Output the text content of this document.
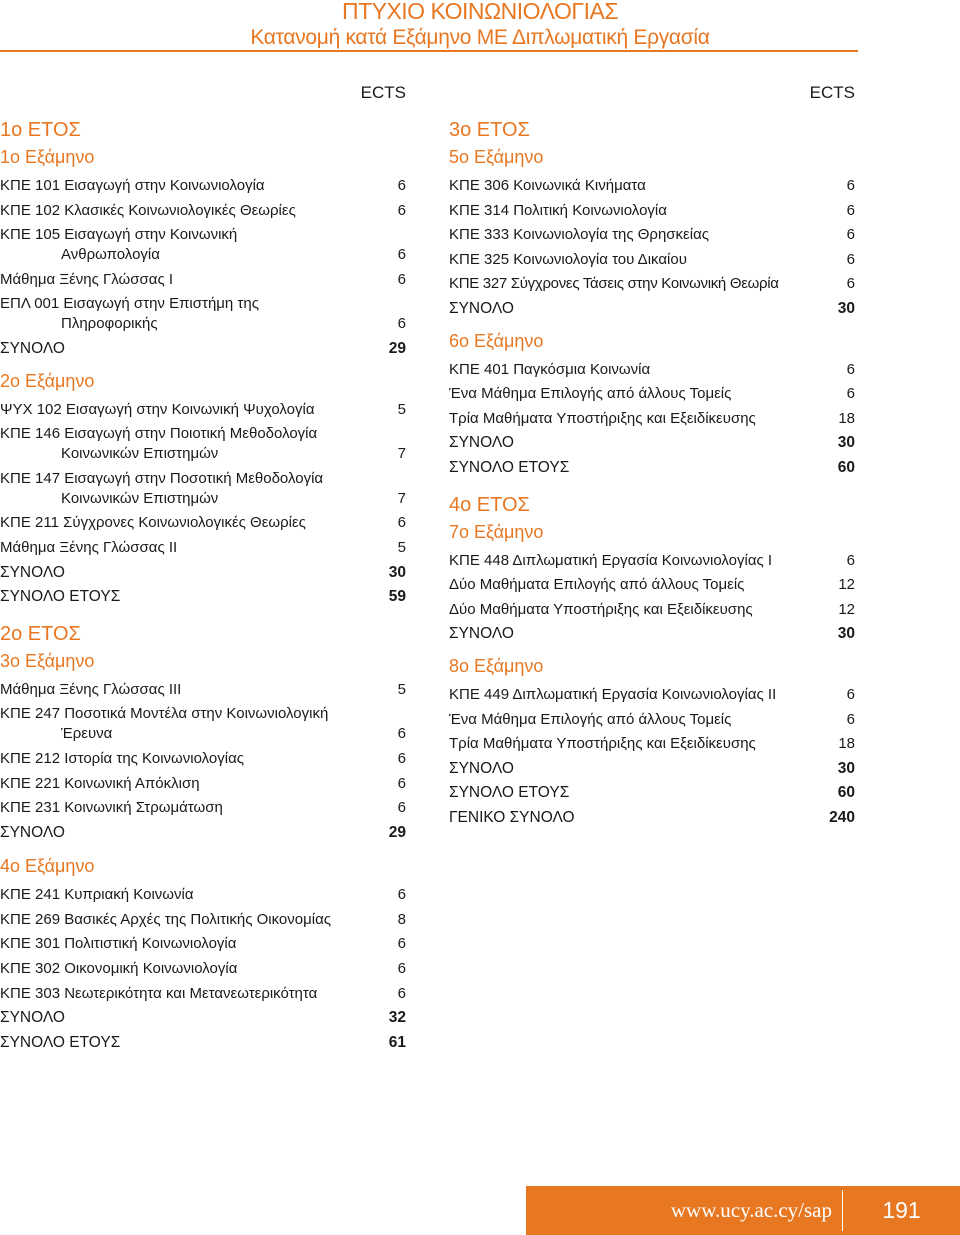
ΠΤΥΧΙΟ ΚΟΙΝΩΝΙΟΛΟΓΙΑΣ
Κατανομή κατά Εξάμηνο ΜΕ Διπλωματική Εργασία
ECTS
1ο ΕΤΟΣ
1ο Εξάμηνο
ΚΠΕ 101 Εισαγωγή στην Κοινωνιολογία	6
ΚΠΕ 102 Κλασικές Κοινωνιολογικές Θεωρίες	6
ΚΠΕ 105 Εισαγωγή στην Κοινωνική
Ανθρωπολογία	6
Μάθημα Ξένης Γλώσσας Ι	6
ΕΠΛ 001 Εισαγωγή στην Επιστήμη της
Πληροφορικής	6
ΣΥΝΟΛΟ	29
2ο Εξάμηνο
ΨΥΧ 102 Εισαγωγή στην Κοινωνική Ψυχολογία	5
ΚΠΕ 146 Εισαγωγή στην Ποιοτική Μεθοδολογία
Κοινωνικών Επιστημών	7
ΚΠΕ 147 Εισαγωγή στην Ποσοτική Μεθοδολογία
Κοινωνικών Επιστημών	7
ΚΠΕ 211 Σύγχρονες Κοινωνιολογικές Θεωρίες	6
Μάθημα Ξένης Γλώσσας ΙΙ	5
ΣΥΝΟΛΟ	30
ΣΥΝΟΛΟ ΕΤΟΥΣ	59
2ο ΕΤΟΣ
3ο Εξάμηνο
Μάθημα Ξένης Γλώσσας ΙΙΙ	5
ΚΠΕ 247 Ποσοτικά Μοντέλα στην Κοινωνιολογική
Έρευνα	6
ΚΠΕ 212 Ιστορία της Κοινωνιολογίας	6
ΚΠΕ 221 Κοινωνική Απόκλιση	6
ΚΠΕ 231 Κοινωνική Στρωμάτωση	6
ΣΥΝΟΛΟ	29
4ο Εξάμηνο
ΚΠΕ 241 Κυπριακή Κοινωνία	6
ΚΠΕ 269 Βασικές Αρχές της Πολιτικής Οικονομίας	8
ΚΠΕ 301 Πολιτιστική Κοινωνιολογία	6
ΚΠΕ 302 Οικονομική Κοινωνιολογία	6
ΚΠΕ 303 Νεωτερικότητα και Μετανεωτερικότητα	6
ΣΥΝΟΛΟ	32
ΣΥΝΟΛΟ ΕΤΟΥΣ	61
ECTS
3ο ΕΤΟΣ
5ο Εξάμηνο
ΚΠΕ 306 Κοινωνικά Κινήματα	6
ΚΠΕ 314 Πολιτική Κοινωνιολογία	6
ΚΠΕ 333 Κοινωνιολογία της Θρησκείας	6
ΚΠΕ 325 Κοινωνιολογία του Δικαίου	6
ΚΠΕ 327 Σύγχρονες Τάσεις στην Κοινωνική Θεωρία	6
ΣΥΝΟΛΟ	30
6ο Εξάμηνο
ΚΠΕ 401 Παγκόσμια Κοινωνία	6
Ένα Μάθημα Επιλογής από άλλους Τομείς	6
Τρία Μαθήματα Υποστήριξης και Εξειδίκευσης	18
ΣΥΝΟΛΟ	30
ΣΥΝΟΛΟ ΕΤΟΥΣ	60
4ο ΕΤΟΣ
7ο Εξάμηνο
ΚΠΕ 448 Διπλωματική Εργασία Κοινωνιολογίας Ι	6
Δύο Μαθήματα Επιλογής από άλλους Τομείς	12
Δύο Μαθήματα Υποστήριξης και Εξειδίκευσης	12
ΣΥΝΟΛΟ	30
8ο Εξάμηνο
ΚΠΕ 449 Διπλωματική Εργασία Κοινωνιολογίας ΙΙ	6
Ένα Μάθημα Επιλογής από άλλους Τομείς	6
Τρία Μαθήματα Υποστήριξης και Εξειδίκευσης	18
ΣΥΝΟΛΟ	30
ΣΥΝΟΛΟ ΕΤΟΥΣ	60
ΓΕΝΙΚΟ ΣΥΝΟΛΟ	240
www.ucy.ac.cy/sap	191
